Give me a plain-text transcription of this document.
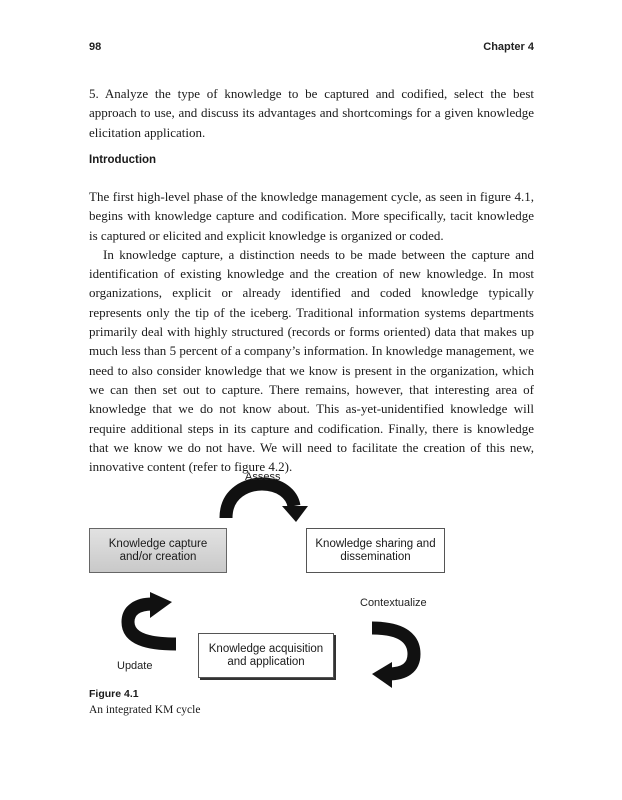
98	Chapter 4

5. Analyze the type of knowledge to be captured and codified, select the best approach to use, and discuss its advantages and shortcomings for a given knowledge elicitation application.

Introduction

The first high-level phase of the knowledge management cycle, as seen in figure 4.1, begins with knowledge capture and codification. More specifically, tacit knowledge is captured or elicited and explicit knowledge is organized or coded.

In knowledge capture, a distinction needs to be made between the capture and identification of existing knowledge and the creation of new knowledge. In most organizations, explicit or already identified and coded knowledge typically represents only the tip of the iceberg. Traditional information systems departments primarily deal with highly structured (records or forms oriented) data that makes up much less than 5 percent of a company’s information. In knowledge management, we need to also consider knowledge that we know is present in the organization, which we can then set out to capture. There remains, however, that interesting area of knowledge that we do not know about. This as-yet-unidentified knowledge will require additional steps in its capture and codification. Finally, there is knowledge that we know we do not have. We will need to facilitate the creation of this new, innovative content (refer to figure 4.2).

Assess
Knowledge capture and/or creation
Knowledge sharing and dissemination
Contextualize
Knowledge acquisition and application
Update
Figure 4.1
An integrated KM cycle
